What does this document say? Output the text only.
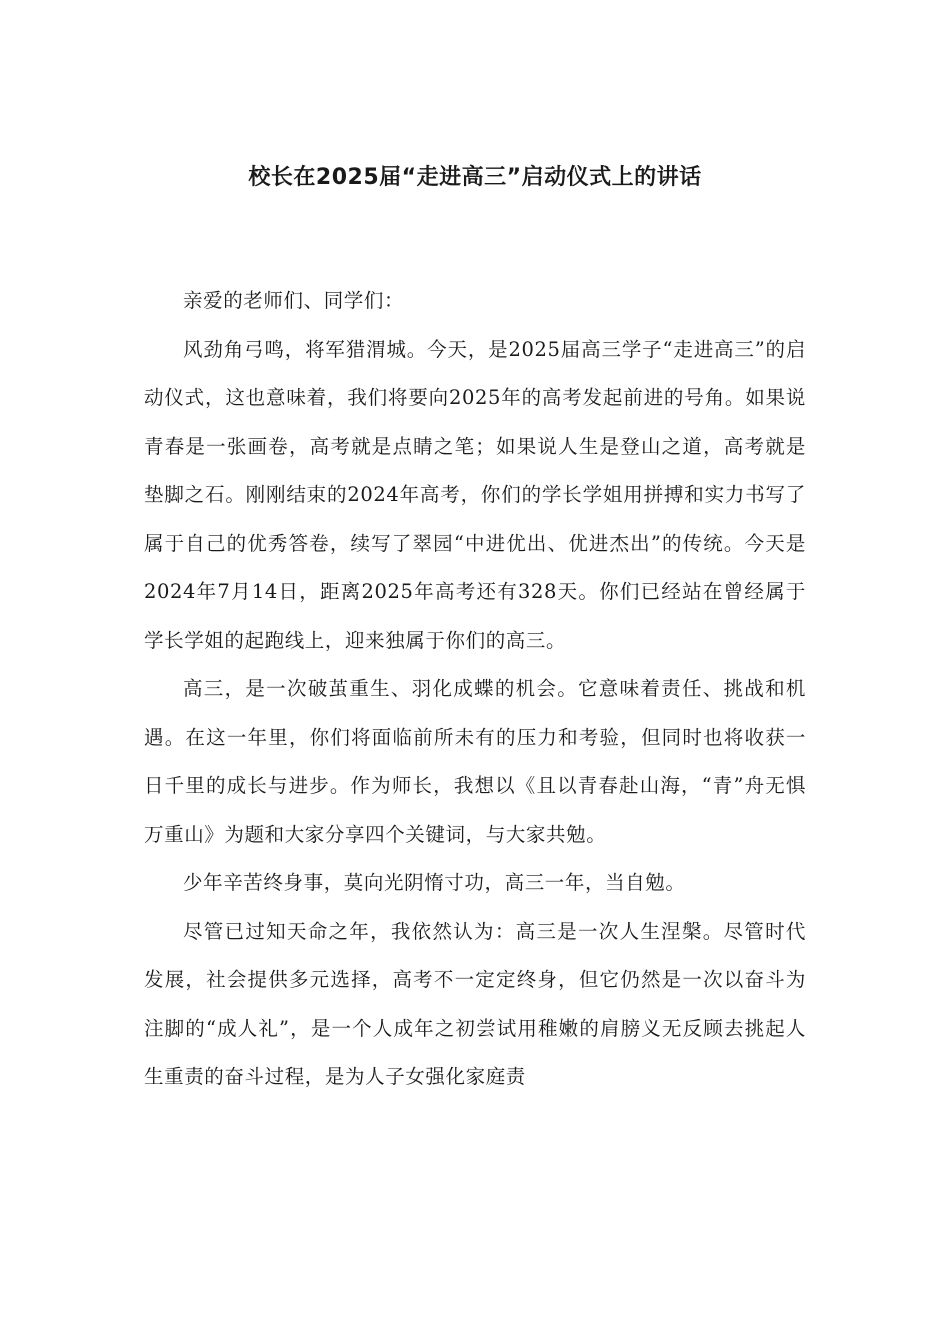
校长在2025届“走进高三”启动仪式上的讲话

亲爱的老师们、同学们：

风劲角弓鸣，将军猎渭城。今天，是2025届高三学子“走进高三”的启动仪式，这也意味着，我们将要向2025年的高考发起前进的号角。如果说青春是一张画卷，高考就是点睛之笔；如果说人生是登山之道，高考就是垫脚之石。刚刚结束的2024年高考，你们的学长学姐用拼搏和实力书写了属于自己的优秀答卷，续写了翠园“中进优出、优进杰出”的传统。今天是2024年7月14日，距离2025年高考还有328天。你们已经站在曾经属于学长学姐的起跑线上，迎来独属于你们的高三。

高三，是一次破茧重生、羽化成蝶的机会。它意味着责任、挑战和机遇。在这一年里，你们将面临前所未有的压力和考验，但同时也将收获一日千里的成长与进步。作为师长，我想以《且以青春赴山海，“青”舟无惧万重山》为题和大家分享四个关键词，与大家共勉。

少年辛苦终身事，莫向光阴惰寸功，高三一年，当自勉。

尽管已过知天命之年，我依然认为：高三是一次人生涅槃。尽管时代发展，社会提供多元选择，高考不一定定终身，但它仍然是一次以奋斗为注脚的“成人礼”，是一个人成年之初尝试用稚嫩的肩膀义无反顾去挑起人生重责的奋斗过程，是为人子女强化家庭责
